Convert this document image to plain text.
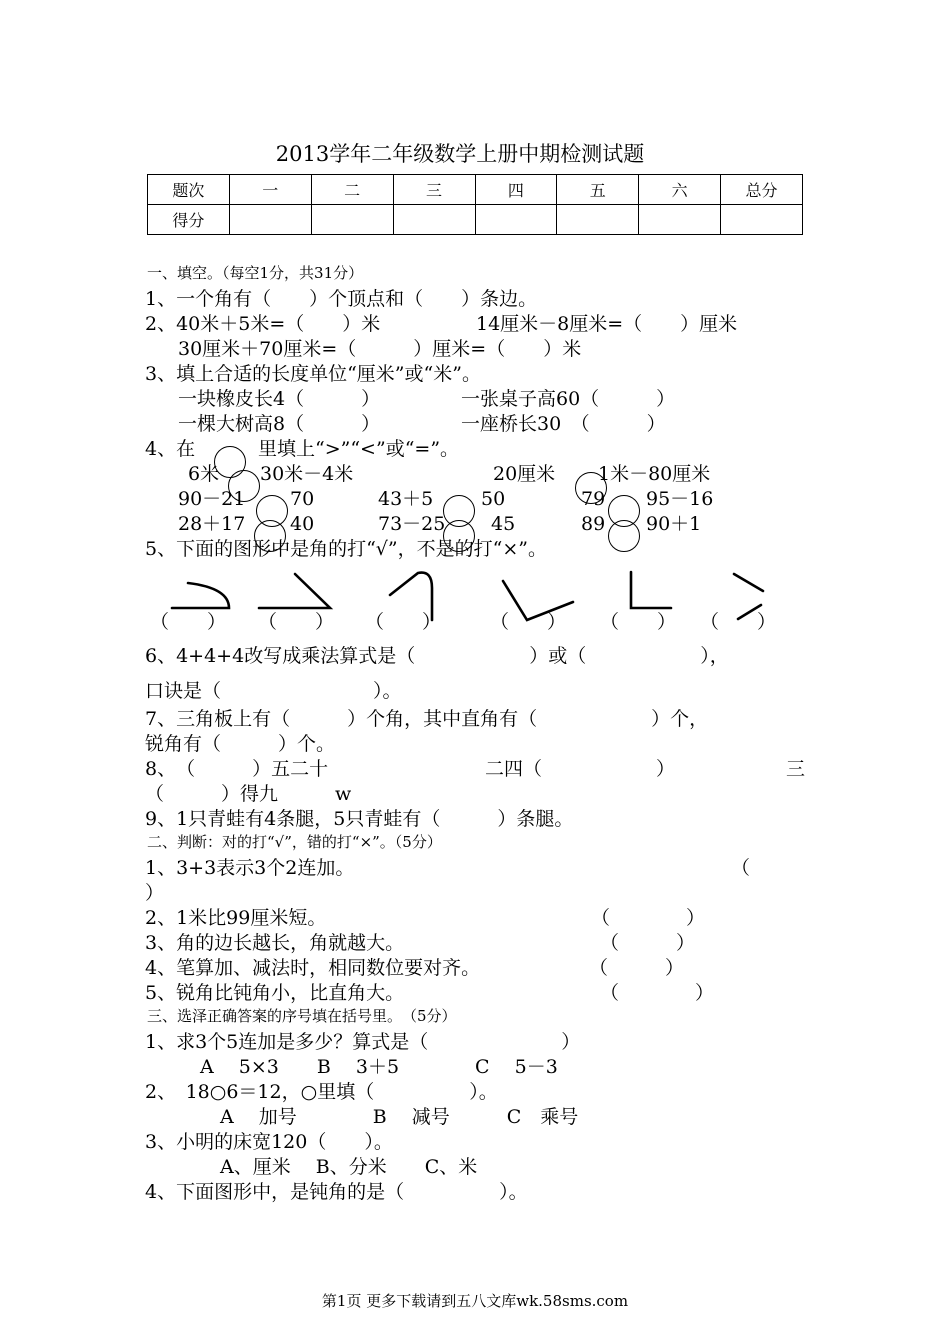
2013学年二年级数学上册中期检测试题
题次	一	二	三	四	五	六	总分
得分							
一、填空。（每空1分，共31分）
1、一个角有（　　）个顶点和（　　）条边。
2、40米＋5米=（　　）米	14厘米－8厘米=（　　）厘米
30厘米＋70厘米=（　　　）厘米=（　　）米
3、填上合适的长度单位“厘米”或“米”。
一块橡皮长4（　　　）	一张桌子高60（　　　）
一棵大树高8（　　　）	一座桥长30　（　　　）
4、在	里填上“>”“<”或“=”。
6米 30米－4米	20厘米 1米－80厘米
90－21 70	43＋5	50	79 95－16
28＋17 40	73－25 45	89 90＋1
5、下面的图形中是角的打“√”，不是的打“×”。
（　　） （　　） （　　）	（　　） （　　） （　　）
6、4+4+4改写成乘法算式是（　　　　　　）或（　　　　　　），
口诀是（　　　　　　　　）。
7、三角板上有（　　　）个角，其中直角有（　　　　　　）个，
锐角有（　　　）个。
8、　（　　　）五二十	二四（　　　　　　）	三
（　　　）得九　　　w
9、1只青蛙有4条腿，5只青蛙有（　　　）条腿。
二、判断：对的打“√”，错的打“×”。（5分）
1、3+3表示3个2连加。	（
）
2、1米比99厘米短。	（　　　　）
3、角的边长越长，角就越大。	（　　　）
4、笔算加、减法时，相同数位要对齐。	（　　　）
5、锐角比钝角小，比直角大。	（　　　　）
三、选泽正确答案的序号填在括号里。　（5分）
1、求3个5连加是多少？算式是（　　　　　　　）
A　 5×3　　B　 3＋5　　　　C　 5－3
2、　18○6＝12，○里填（　　　　　）。
A　 加号　　　　B　 减号　　　C　乘号
3、小明的床宽120（　　）。
A、厘米　 B、分米　　C、米
4、下面图形中，是钝角的是（　　　　　）。
第1页 更多下载请到五八文库wk.58sms.com
